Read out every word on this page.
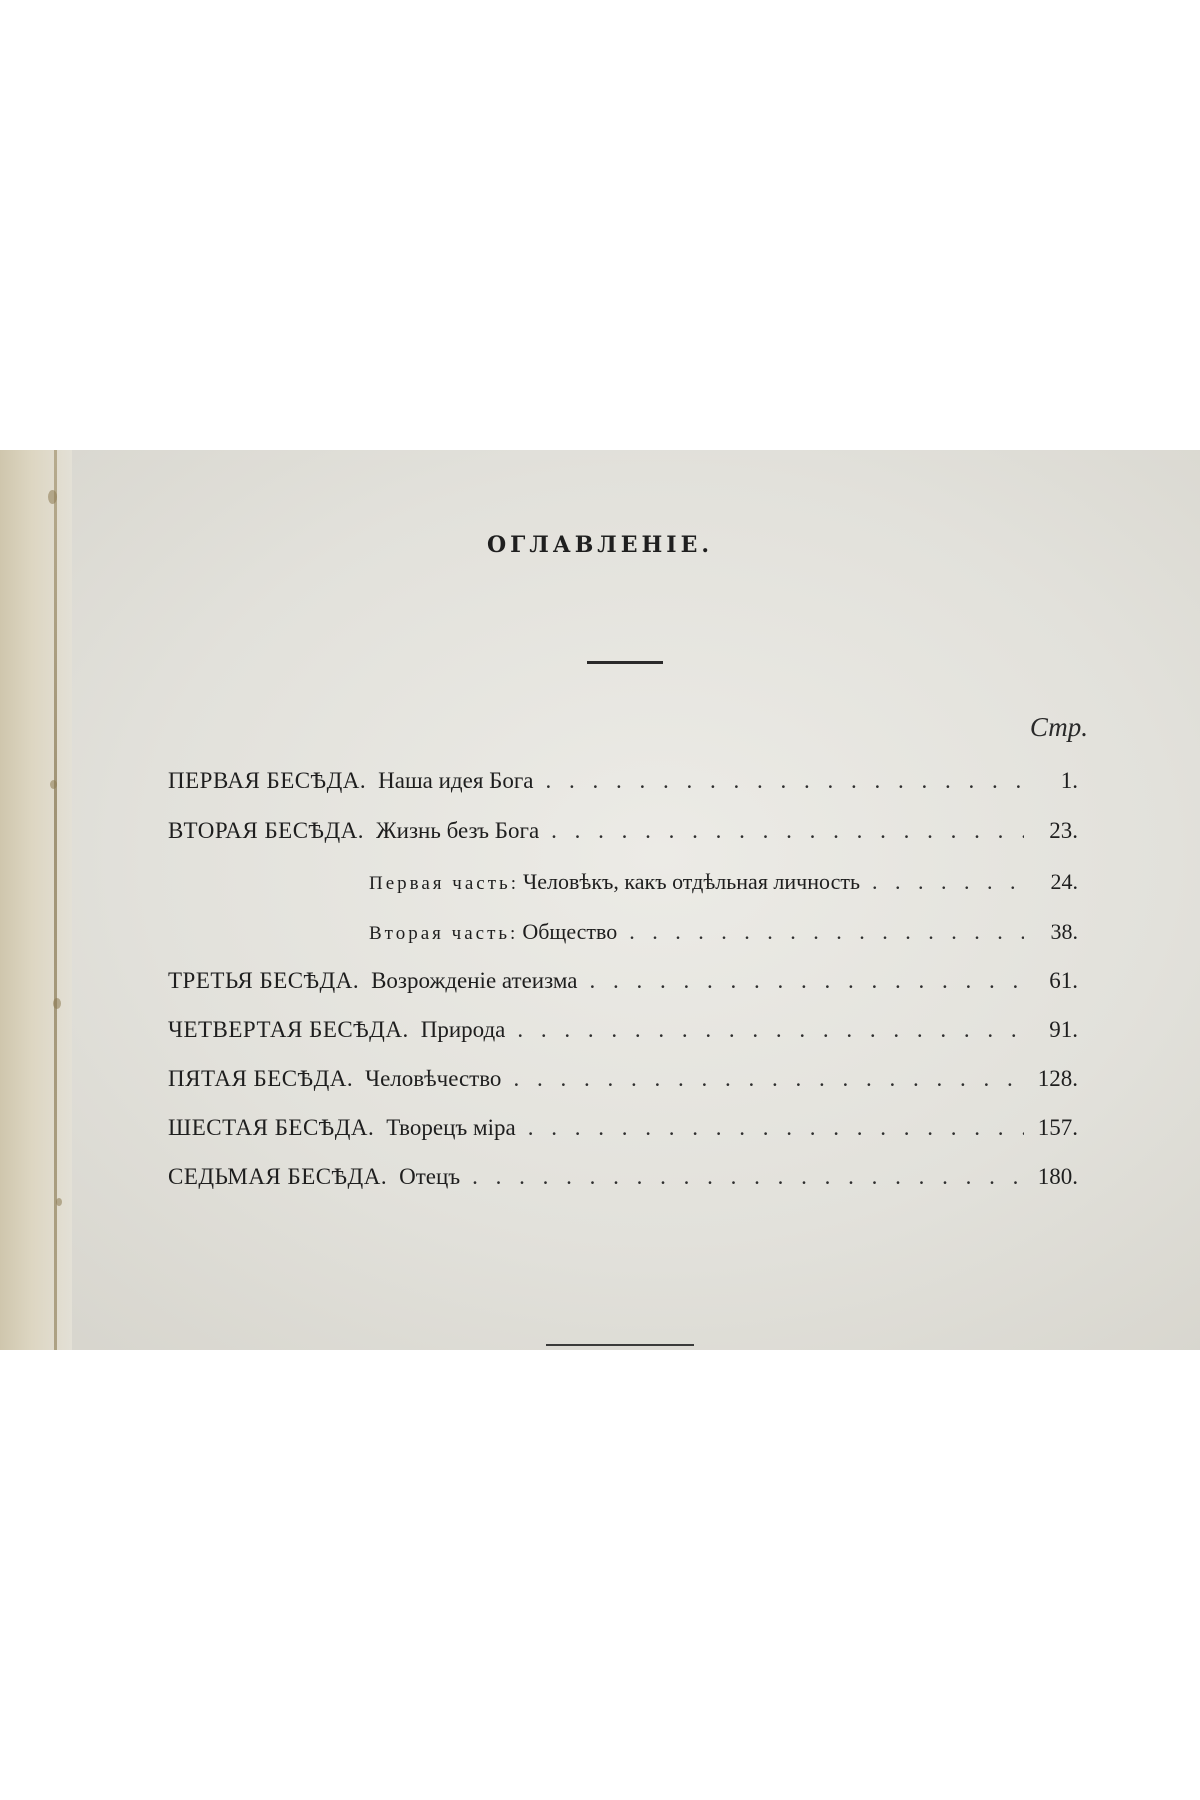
ОГЛАВЛЕНІЕ.
Стр.
ПЕРВАЯ БЕСѢДА. Наша идея Бога . . .	1.
ВТОРАЯ БЕСѢДА. Жизнь безъ Бога . . .	23.
Первая часть: Человѣкъ, какъ отдѣльная личность . . .	24.
Вторая часть: Общество . . .	38.
ТРЕТЬЯ БЕСѢДА. Возрожденіе атеизма . . .	61.
ЧЕТВЕРТАЯ БЕСѢДА. Природа . . .	91.
ПЯТАЯ БЕСѢДА. Человѣчество . . .	128.
ШЕСТАЯ БЕСѢДА. Творецъ міра . . .	157.
СЕДЬМАЯ БЕСѢДА. Отецъ . . .	180.
